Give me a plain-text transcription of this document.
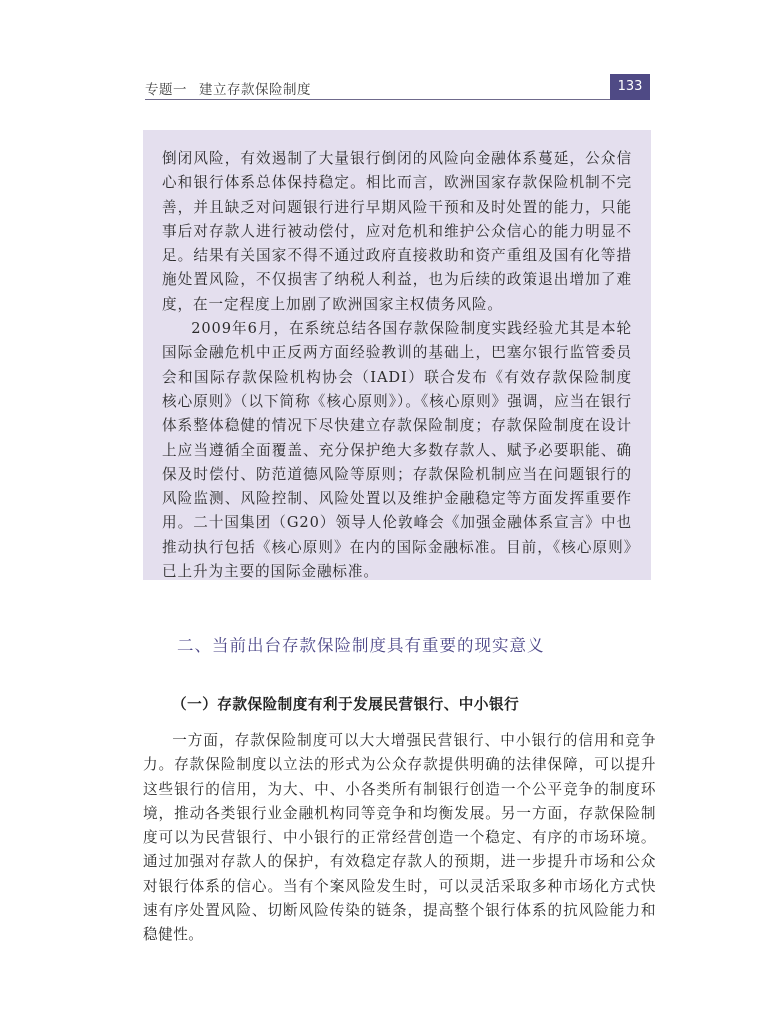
专题一 建立存款保险制度	133

倒闭风险，有效遏制了大量银行倒闭的风险向金融体系蔓延，公众信心和银行体系总体保持稳定。相比而言，欧洲国家存款保险机制不完善，并且缺乏对问题银行进行早期风险干预和及时处置的能力，只能事后对存款人进行被动偿付，应对危机和维护公众信心的能力明显不足。结果有关国家不得不通过政府直接救助和资产重组及国有化等措施处置风险，不仅损害了纳税人利益，也为后续的政策退出增加了难度，在一定程度上加剧了欧洲国家主权债务风险。

2009年6月，在系统总结各国存款保险制度实践经验尤其是本轮国际金融危机中正反两方面经验教训的基础上，巴塞尔银行监管委员会和国际存款保险机构协会（IADI）联合发布《有效存款保险制度核心原则》（以下简称《核心原则》）。《核心原则》强调，应当在银行体系整体稳健的情况下尽快建立存款保险制度；存款保险制度在设计上应当遵循全面覆盖、充分保护绝大多数存款人、赋予必要职能、确保及时偿付、防范道德风险等原则；存款保险机制应当在问题银行的风险监测、风险控制、风险处置以及维护金融稳定等方面发挥重要作用。二十国集团（G20）领导人伦敦峰会《加强金融体系宣言》中也推动执行包括《核心原则》在内的国际金融标准。目前，《核心原则》已上升为主要的国际金融标准。

二、当前出台存款保险制度具有重要的现实意义
（一）存款保险制度有利于发展民营银行、中小银行

一方面，存款保险制度可以大大增强民营银行、中小银行的信用和竞争力。存款保险制度以立法的形式为公众存款提供明确的法律保障，可以提升这些银行的信用，为大、中、小各类所有制银行创造一个公平竞争的制度环境，推动各类银行业金融机构同等竞争和均衡发展。另一方面，存款保险制度可以为民营银行、中小银行的正常经营创造一个稳定、有序的市场环境。通过加强对存款人的保护，有效稳定存款人的预期，进一步提升市场和公众对银行体系的信心。当有个案风险发生时，可以灵活采取多种市场化方式快速有序处置风险、切断风险传染的链条，提高整个银行体系的抗风险能力和稳健性。
